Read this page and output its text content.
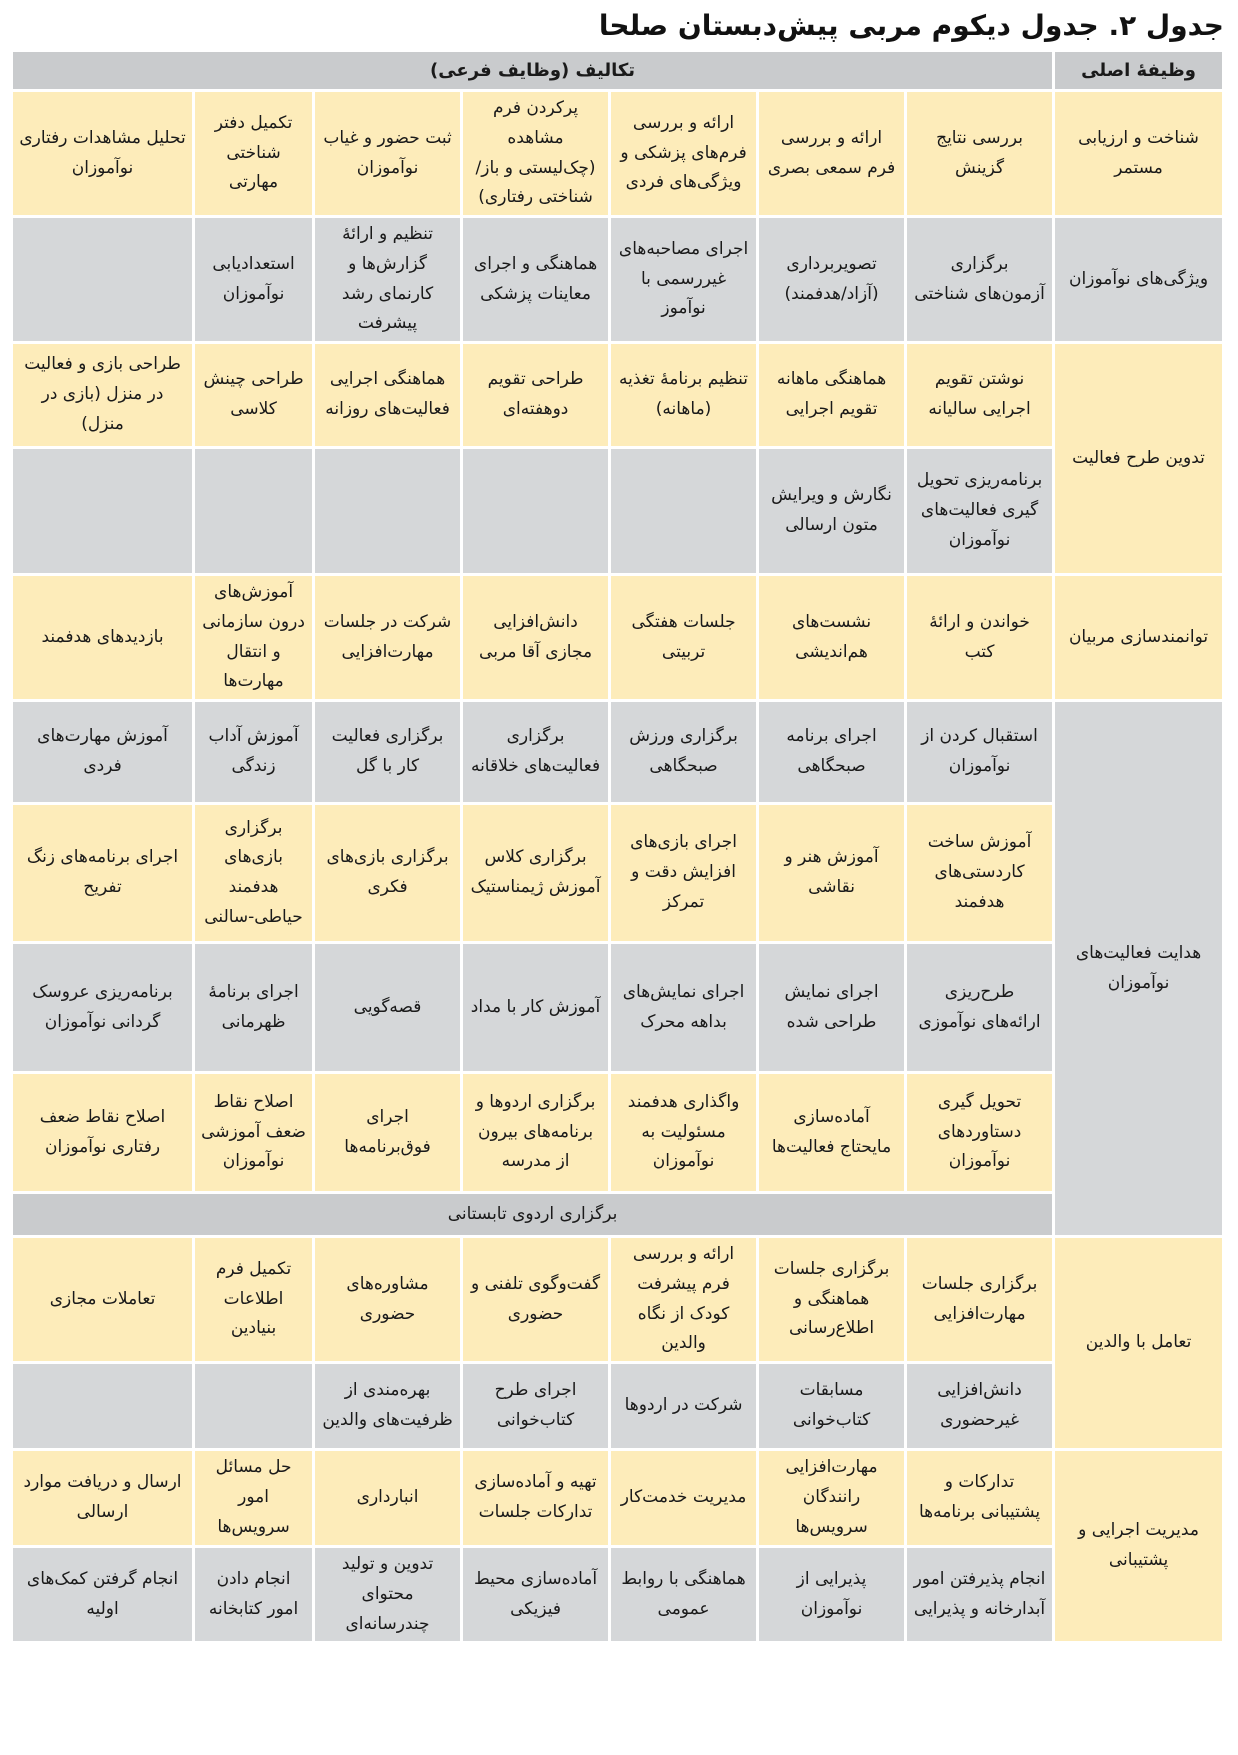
جدول ۲. جدول دیکوم مربی پیش‌دبستان صلحا
وظیفۀ اصلی	تکالیف (وظایف فرعی)						
شناخت و ارزیابی مستمر	بررسی نتایج گزینش	ارائه و بررسی فرم سمعی بصری	ارائه و بررسی فرم‌های پزشکی و ویژگی‌های فردی	پرکردن فرم مشاهده (چک‌لیستی و باز/شناختی رفتاری)	ثبت حضور و غیاب نوآموزان	تکمیل دفتر شناختی مهارتی	تحلیل مشاهدات رفتاری نوآموزان
ویژگی‌های نوآموزان	برگزاری آزمون‌های شناختی	تصویربرداری (آزاد/هدفمند)	اجرای مصاحبه‌های غیررسمی با نوآموز	هماهنگی و اجرای معاینات پزشکی	تنظیم و ارائۀ گزارش‌ها و کارنمای رشد پیشرفت	استعدادیابی نوآموزان	
تدوین طرح فعالیت	نوشتن تقویم اجرایی سالیانه	هماهنگی ماهانه تقویم اجرایی	تنظیم برنامۀ تغذیه (ماهانه)	طراحی تقویم دوهفته‌ای	هماهنگی اجرایی فعالیت‌های روزانه	طراحی چینش کلاسی	طراحی بازی و فعالیت در منزل (بازی در منزل)
	برنامه‌ریزی تحویل گیری فعالیت‌های نوآموزان	نگارش و ویرایش متون ارسالی					
توانمندسازی مربیان	خواندن و ارائۀ کتب	نشست‌های هم‌اندیشی	جلسات هفتگی تربیتی	دانش‌افزایی مجازی آقا مربی	شرکت در جلسات مهارت‌افزایی	آموزش‌های درون سازمانی و انتقال مهارت‌ها	بازدیدهای هدفمند
هدایت فعالیت‌های نوآموزان	استقبال کردن از نوآموزان	اجرای برنامه صبحگاهی	برگزاری ورزش صبحگاهی	برگزاری فعالیت‌های خلاقانه	برگزاری فعالیت کار با گل	آموزش آداب زندگی	آموزش مهارت‌های فردی
	آموزش ساخت کاردستی‌های هدفمند	آموزش هنر و نقاشی	اجرای بازی‌های افزایش دقت و تمرکز	برگزاری کلاس آموزش ژیمناستیک	برگزاری بازی‌های فکری	برگزاری بازی‌های هدفمند حیاطی-سالنی	اجرای برنامه‌های زنگ تفریح
	طرح‌ریزی ارائه‌های نوآموزی	اجرای نمایش طراحی شده	اجرای نمایش‌های بداهه محرک	آموزش کار با مداد	قصه‌گویی	اجرای برنامۀ ظهرمانی	برنامه‌ریزی عروسک گردانی نوآموزان
	تحویل گیری دستاوردهای نوآموزان	آماده‌سازی مایحتاج فعالیت‌ها	واگذاری هدفمند مسئولیت به نوآموزان	برگزاری اردوها و برنامه‌های بیرون از مدرسه	اجرای فوق‌برنامه‌ها	اصلاح نقاط ضعف آموزشی نوآموزان	اصلاح نقاط ضعف رفتاری نوآموزان
	برگزاری اردوی تابستانی						
تعامل با والدین	برگزاری جلسات مهارت‌افزایی	برگزاری جلسات هماهنگی و اطلاع‌رسانی	ارائه و بررسی فرم پیشرفت کودک از نگاه والدین	گفت‌وگوی تلفنی و حضوری	مشاوره‌های حضوری	تکمیل فرم اطلاعات بنیادین	تعاملات مجازی
	دانش‌افزایی غیرحضوری	مسابقات کتاب‌خوانی	شرکت در اردوها	اجرای طرح کتاب‌خوانی	بهره‌مندی از ظرفیت‌های والدین		
مدیریت اجرایی و پشتیبانی	تدارکات و پشتیبانی برنامه‌ها	مهارت‌افزایی رانندگان سرویس‌ها	مدیریت خدمت‌کار	تهیه و آماده‌سازی تدارکات جلسات	انبارداری	حل مسائل امور سرویس‌ها	ارسال و دریافت موارد ارسالی
	انجام پذیرفتن امور آبدارخانه و پذیرایی	پذیرایی از نوآموزان	هماهنگی با روابط عمومی	آماده‌سازی محیط فیزیکی	تدوین و تولید محتوای چندرسانه‌ای	انجام دادن امور کتابخانه	انجام گرفتن کمک‌های اولیه
